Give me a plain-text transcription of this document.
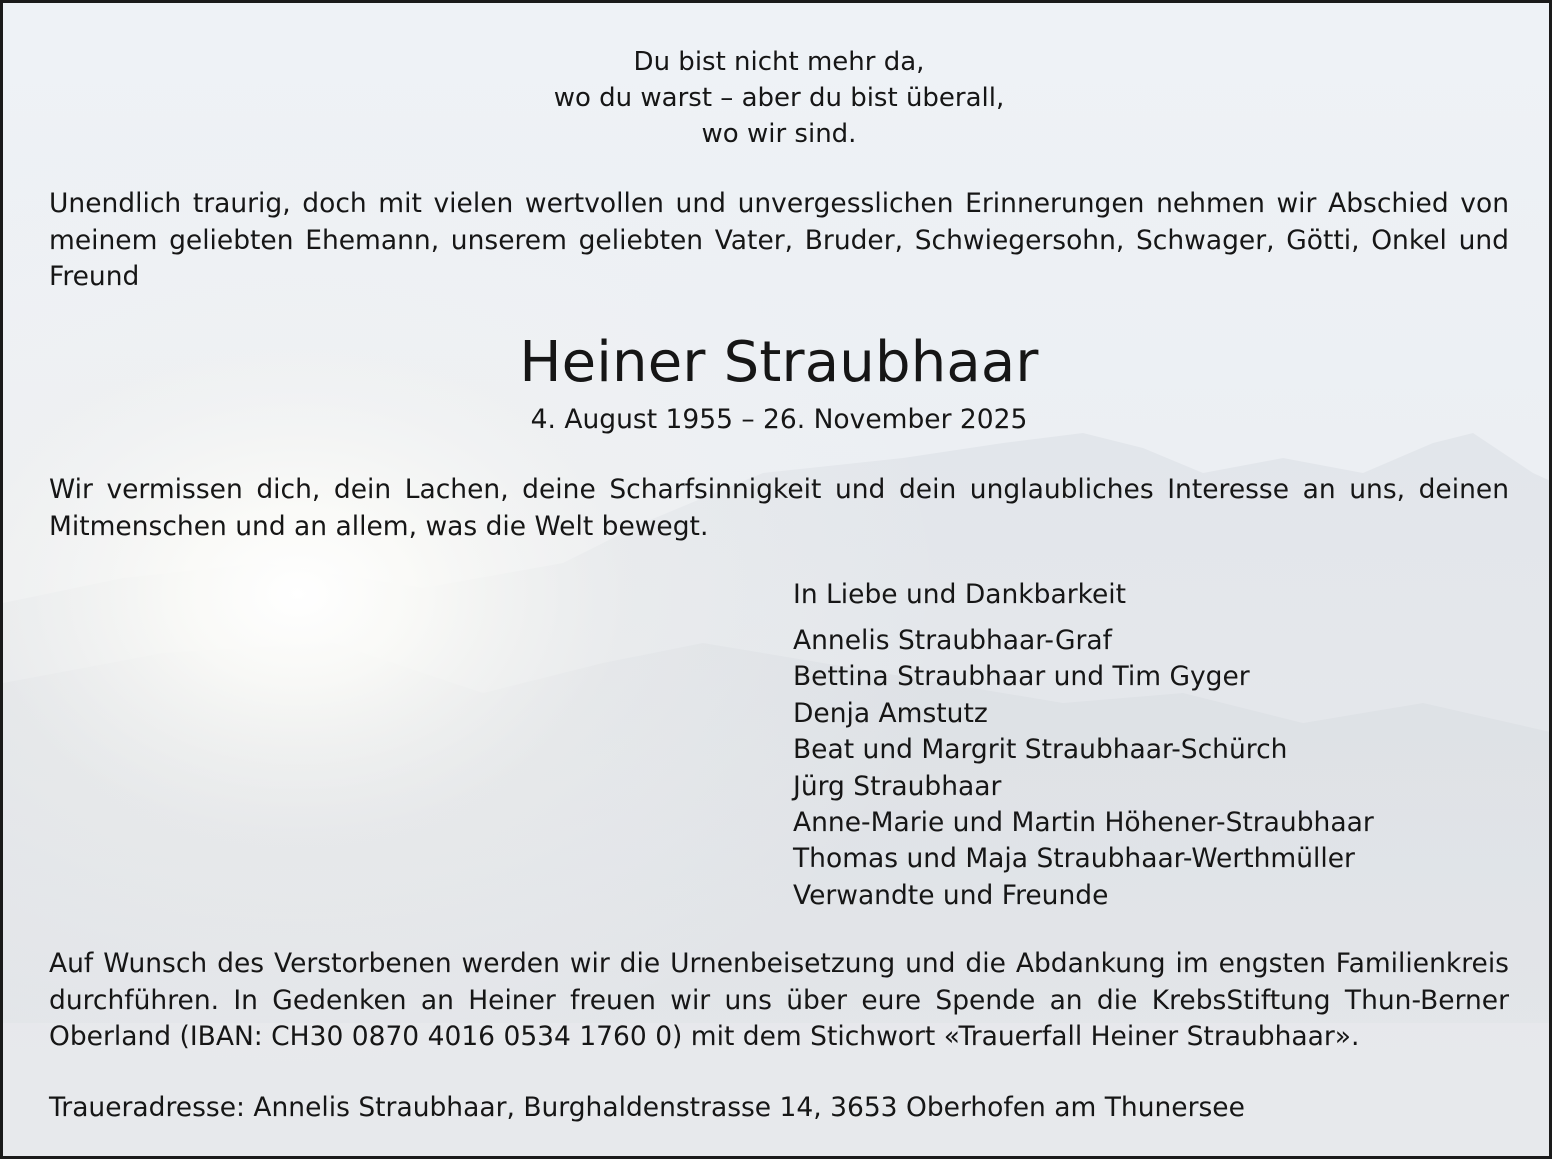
Du bist nicht mehr da,
wo du warst – aber du bist überall,
wo wir sind.

Unendlich traurig, doch mit vielen wertvollen und unvergesslichen Erinnerungen nehmen wir Abschied von meinem geliebten Ehemann, unserem geliebten Vater, Bruder, Schwiegersohn, Schwager, Götti, Onkel und Freund

Heiner Straubhaar
4. August 1955 – 26. November 2025

Wir vermissen dich, dein Lachen, deine Scharfsinnigkeit und dein unglaubliches Interesse an uns, deinen Mitmenschen und an allem, was die Welt bewegt.

In Liebe und Dankbarkeit
Annelis Straubhaar-Graf
Bettina Straubhaar und Tim Gyger
Denja Amstutz
Beat und Margrit Straubhaar-Schürch
Jürg Straubhaar
Anne-Marie und Martin Höhener-Straubhaar
Thomas und Maja Straubhaar-Werthmüller
Verwandte und Freunde

Auf Wunsch des Verstorbenen werden wir die Urnenbeisetzung und die Abdankung im engsten Familienkreis durchführen. In Gedenken an Heiner freuen wir uns über eure Spende an die KrebsStiftung Thun-Berner Oberland (IBAN: CH30 0870 4016 0534 1760 0) mit dem Stichwort «Trauerfall Heiner Straubhaar».

Traueradresse: Annelis Straubhaar, Burghaldenstrasse 14, 3653 Oberhofen am Thunersee
